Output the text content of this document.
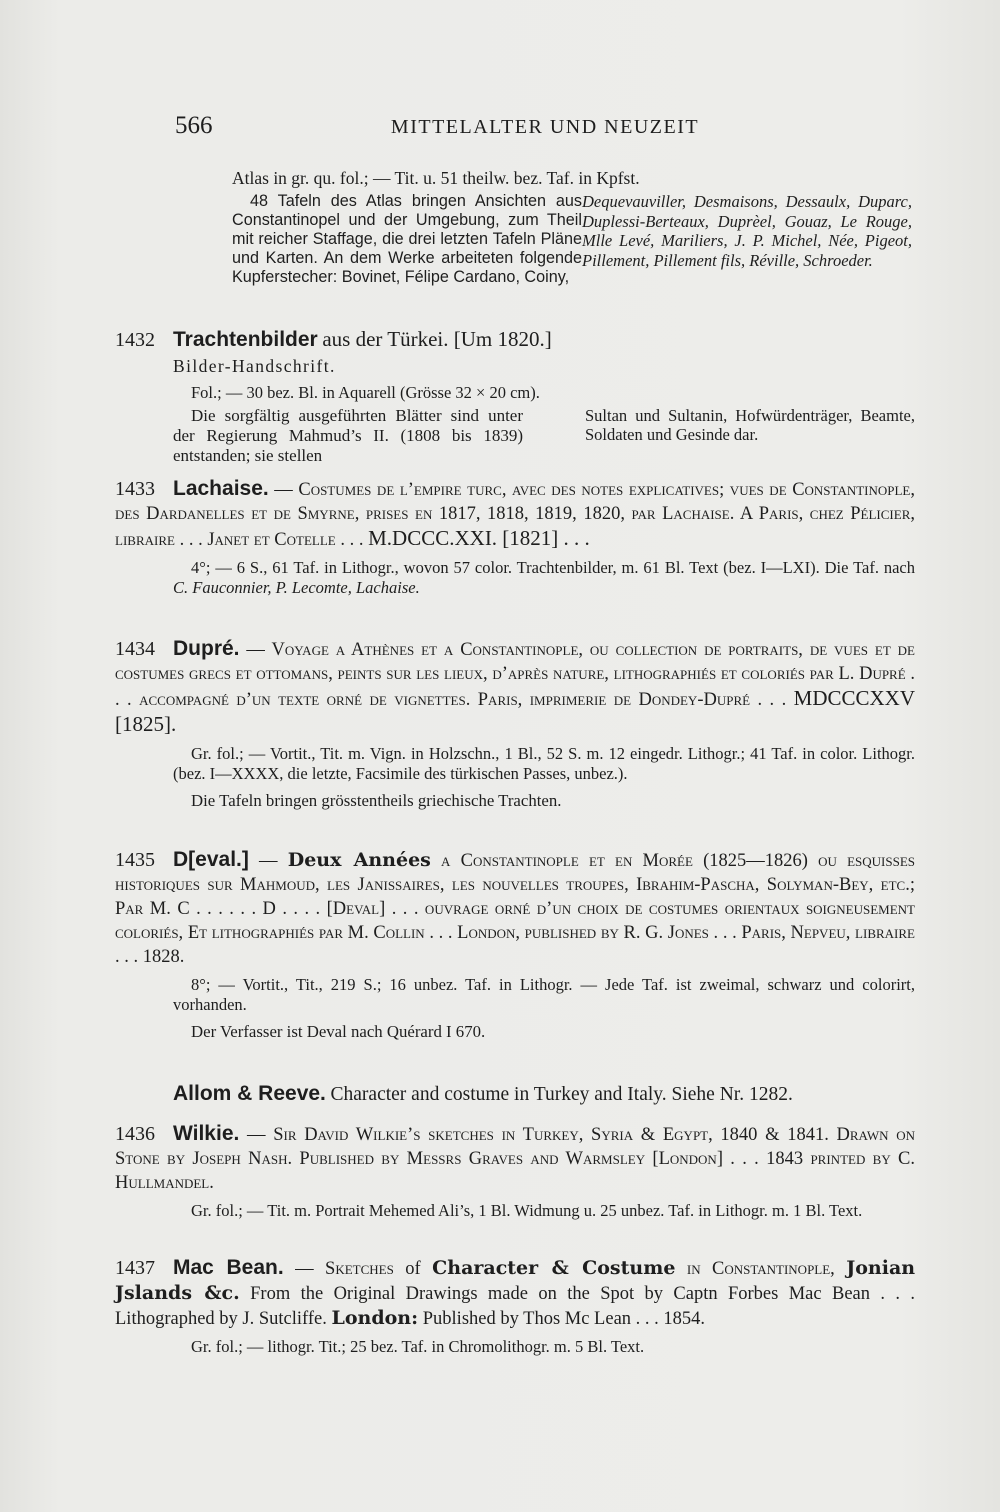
566	MITTELALTER UND NEUZEIT
Atlas in gr. qu. fol.; — Tit. u. 51 theilw. bez. Taf. in Kpfst.
48 Tafeln des Atlas bringen Ansichten aus Constantinopel und der Umgebung, zum Theil mit reicher Staffage, die drei letzten Tafeln Pläne und Karten. An dem Werke arbeiteten folgende Kupferstecher: Bovinet, Félipe Cardano, Coiny,
Dequevauviller, Desmaisons, Dessaulx, Duparc, Duplessi-Berteaux, Duprèel, Gouaz, Le Rouge, Mlle Levé, Mariliers, J. P. Michel, Née, Pigeot, Pillement, Pillement fils, Réville, Schroeder.
1432 Trachtenbilder aus der Türkei. [Um 1820.]
Bilder-Handschrift.
Fol.; — 30 bez. Bl. in Aquarell (Grösse 32 × 20 cm).
Die sorgfältig ausgeführten Blätter sind unter der Regierung Mahmud’s II. (1808 bis 1839) entstanden; sie stellen
Sultan und Sultanin, Hofwürdenträger, Beamte, Soldaten und Gesinde dar.
1433 Lachaise. — Costumes de l’empire turc, avec des notes explicatives; vues de Constantinople, des Dardanelles et de Smyrne, prises en 1817, 1818, 1819, 1820, par Lachaise. A Paris, chez Pélicier, libraire . . . Janet et Cotelle . . . M.DCCC.XXI. [1821] . . .
4°; — 6 S., 61 Taf. in Lithogr., wovon 57 color. Trachtenbilder, m. 61 Bl. Text (bez. I—LXI). Die Taf. nach C. Fauconnier, P. Lecomte, Lachaise.
1434 Dupré. — Voyage a Athènes et a Constantinople, ou collection de portraits, de vues et de costumes grecs et ottomans, peints sur les lieux, d’après nature, lithographiés et coloriés par L. Dupré . . . accompagné d’un texte orné de vignettes. Paris, imprimerie de Dondey-Dupré . . . MDCCCXXV [1825].
Gr. fol.; — Vortit., Tit. m. Vign. in Holzschn., 1 Bl., 52 S. m. 12 eingedr. Lithogr.; 41 Taf. in color. Lithogr. (bez. I—XXXX, die letzte, Facsimile des türkischen Passes, unbez.).
Die Tafeln bringen grösstentheils griechische Trachten.
1435 D[eval.] — Deux Années a Constantinople et en Morée (1825—1826) ou esquisses historiques sur Mahmoud, les Janissaires, les nouvelles troupes, Ibrahim-Pascha, Solyman-Bey, etc.; Par M. C . . . . . . D . . . . [Deval] . . . ouvrage orné d’un choix de costumes orientaux soigneusement coloriés, Et lithographiés par M. Collin . . . London, published by R. G. Jones . . . Paris, Nepveu, libraire . . . 1828.
8°; — Vortit., Tit., 219 S.; 16 unbez. Taf. in Lithogr. — Jede Taf. ist zweimal, schwarz und colorirt, vorhanden.
Der Verfasser ist Deval nach Quérard I 670.
Allom & Reeve. Character and costume in Turkey and Italy. Siehe Nr. 1282.
1436 Wilkie. — Sir David Wilkie’s sketches in Turkey, Syria & Egypt, 1840 & 1841. Drawn on Stone by Joseph Nash. Published by Messrs Graves and Warmsley [London] . . . 1843 printed by C. Hullmandel.
Gr. fol.; — Tit. m. Portrait Mehemed Ali’s, 1 Bl. Widmung u. 25 unbez. Taf. in Lithogr. m. 1 Bl. Text.
1437 Mac Bean. — Sketches of Character & Costume in Constantinople, Jonian Jslands &c. From the Original Drawings made on the Spot by Captn Forbes Mac Bean . . . Lithographed by J. Sutcliffe. London: Published by Thos Mc Lean . . . 1854.
Gr. fol.; — lithogr. Tit.; 25 bez. Taf. in Chromolithogr. m. 5 Bl. Text.
